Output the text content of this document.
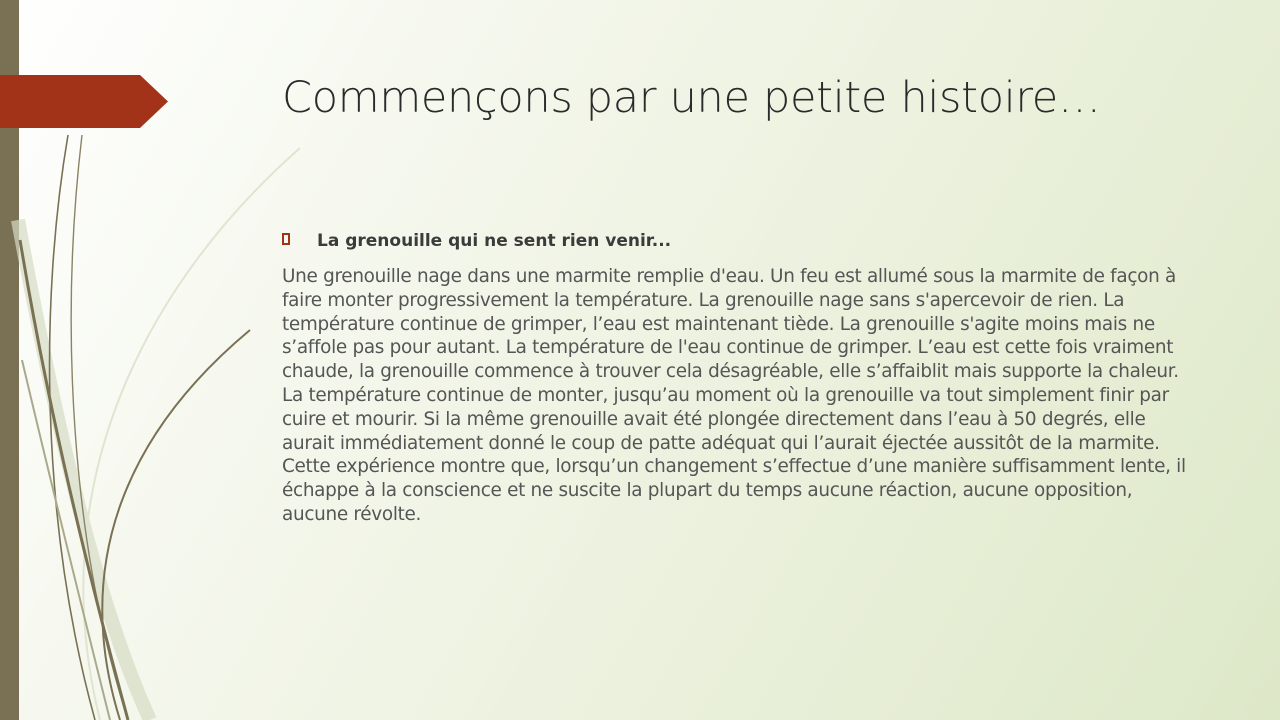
Commençons par une petite histoire…
La grenouille qui ne sent rien venir...

Une grenouille nage dans une marmite remplie d'eau. Un feu est allumé sous la marmite de façon à faire monter progressivement la température. La grenouille nage sans s'apercevoir de rien. La température continue de grimper, l’eau est maintenant tiède. La grenouille s'agite moins mais ne s’affole pas pour autant. La température de l'eau continue de grimper. L’eau est cette fois vraiment chaude, la grenouille commence à trouver cela désagréable, elle s’affaiblit mais supporte la chaleur. La température continue de monter, jusqu’au moment où la grenouille va tout simplement finir par cuire et mourir. Si la même grenouille avait été plongée directement dans l’eau à 50 degrés, elle aurait immédiatement donné le coup de patte adéquat qui l’aurait éjectée aussitôt de la marmite. Cette expérience montre que, lorsqu’un changement s’effectue d’une manière suffisamment lente, il échappe à la conscience et ne suscite la plupart du temps aucune réaction, aucune opposition, aucune révolte.
